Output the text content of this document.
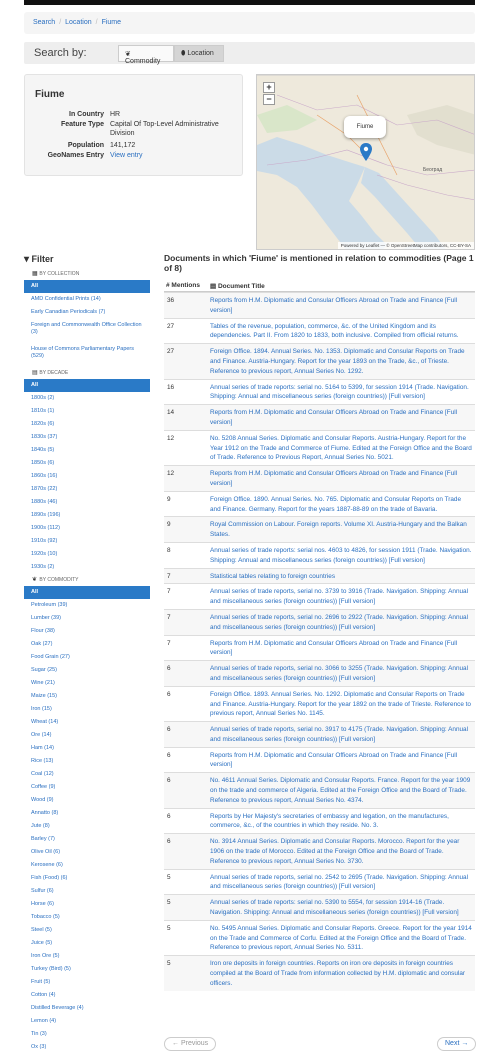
Search / Location / Fiume
Search by:	❦ Commodity
⬮ Location
Fiume
In Country HR
Feature Type Capital Of Top-Level Administrative Division
Population 141,172
GeoNames Entry View entry
+
−
Fiume
Београд
Powered by Leaflet — © OpenStreetMap contributors, CC-BY-SA
▾ Filter
▦ BY COLLECTION
All
AMD Confidential Prints (14)
Early Canadian Periodicals (7)
Foreign and Commonwealth Office Collection (3)
House of Commons Parliamentary Papers (529)
▤ BY DECADE
All
1800s (2)
1810s (1)
1820s (6)
1830s (37)
1840s (5)
1850s (6)
1860s (16)
1870s (22)
1880s (46)
1890s (196)
1900s (112)
1910s (92)
1920s (10)
1930s (2)
❦ BY COMMODITY
All
Petroleum (39)
Lumber (39)
Flour (38)
Oak (27)
Food Grain (27)
Sugar (25)
Wine (21)
Maize (15)
Iron (15)
Wheat (14)
Ore (14)
Ham (14)
Rice (13)
Coal (12)
Coffee (9)
Wood (9)
Annatto (8)
Jute (8)
Barley (7)
Olive Oil (6)
Kerosene (6)
Fish (Food) (6)
Sulfur (6)
Horse (6)
Tobacco (5)
Steel (5)
Juice (5)
Iron Ore (5)
Turkey (Bird) (5)
Fruit (5)
Cotton (4)
Distilled Beverage (4)
Lemon (4)
Tin (3)
Ox (3)
Documents in which 'Fiume' is mentioned in relation to commodities (Page 1 of 8)
# Mentions ▤ Document Title
36	Reports from H.M. Diplomatic and Consular Officers Abroad on Trade and Finance [Full version]
27	Tables of the revenue, population, commerce, &c. of the United Kingdom and its dependencies. Part II. From 1820 to 1833, both inclusive. Compiled from official returns.
27	Foreign Office. 1894. Annual Series. No. 1353. Diplomatic and Consular Reports on Trade and Finance. Austria-Hungary. Report for the year 1893 on the Trade, &c., of Trieste. Reference to previous report, Annual Series No. 1292.
16	Annual series of trade reports: serial no. 5164 to 5399, for session 1914 (Trade. Navigation. Shipping: Annual and miscellaneous series (foreign countries)) [Full version]
14	Reports from H.M. Diplomatic and Consular Officers Abroad on Trade and Finance [Full version]
12	No. 5208 Annual Series. Diplomatic and Consular Reports. Austria-Hungary. Report for the Year 1912 on the Trade and Commerce of Fiume. Edited at the Foreign Office and the Board of Trade. Reference to Previous Report, Annual Series No. 5021.
12	Reports from H.M. Diplomatic and Consular Officers Abroad on Trade and Finance [Full version]
9	Foreign Office. 1890. Annual Series. No. 765. Diplomatic and Consular Reports on Trade and Finance. Germany. Report for the years 1887-88-89 on the trade of Bavaria.
9	Royal Commission on Labour. Foreign reports. Volume XI. Austria-Hungary and the Balkan States.
8	Annual series of trade reports: serial nos. 4603 to 4826, for session 1911 (Trade. Navigation. Shipping: Annual and miscellaneous series (foreign countries)) [Full version]
7	Statistical tables relating to foreign countries
7	Annual series of trade reports, serial no. 3739 to 3916 (Trade. Navigation. Shipping: Annual and miscellaneous series (foreign countries)) [Full version]
7	Annual series of trade reports, serial no. 2696 to 2922 (Trade. Navigation. Shipping: Annual and miscellaneous series (foreign countries)) [Full version]
7	Reports from H.M. Diplomatic and Consular Officers Abroad on Trade and Finance [Full version]
6	Annual series of trade reports, serial no. 3066 to 3255 (Trade. Navigation. Shipping: Annual and miscellaneous series (foreign countries)) [Full version]
6	Foreign Office. 1893. Annual Series. No. 1292. Diplomatic and Consular Reports on Trade and Finance. Austria-Hungary. Report for the year 1892 on the trade of Trieste. Reference to previous report, Annual Series No. 1145.
6	Annual series of trade reports, serial no. 3917 to 4175 (Trade. Navigation. Shipping: Annual and miscellaneous series (foreign countries)) [Full version]
6	Reports from H.M. Diplomatic and Consular Officers Abroad on Trade and Finance [Full version]
6	No. 4611 Annual Series. Diplomatic and Consular Reports. France. Report for the year 1909 on the trade and commerce of Algeria. Edited at the Foreign Office and the Board of Trade. Reference to previous report, Annual Series No. 4374.
6	Reports by Her Majesty's secretaries of embassy and legation, on the manufactures, commerce, &c., of the countries in which they reside. No. 3.
6	No. 3914 Annual Series. Diplomatic and Consular Reports. Morocco. Report for the year 1906 on the trade of Morocco. Edited at the Foreign Office and the Board of Trade. Reference to previous report, Annual Series No. 3730.
5	Annual series of trade reports, serial no. 2542 to 2695 (Trade. Navigation. Shipping: Annual and miscellaneous series (foreign countries)) [Full version]
5	Annual series of trade reports: serial no. 5390 to 5554, for session 1914-16 (Trade. Navigation. Shipping: Annual and miscellaneous series (foreign countries)) [Full version]
5	No. 5495 Annual Series. Diplomatic and Consular Reports. Greece. Report for the year 1914 on the Trade and Commerce of Corfu. Edited at the Foreign Office and the Board of Trade. Reference to previous report, Annual Series No. 5311.
5	Iron ore deposits in foreign countries. Reports on iron ore deposits in foreign countries compiled at the Board of Trade from information collected by H.M. diplomatic and consular officers.
← Previous	Next →
